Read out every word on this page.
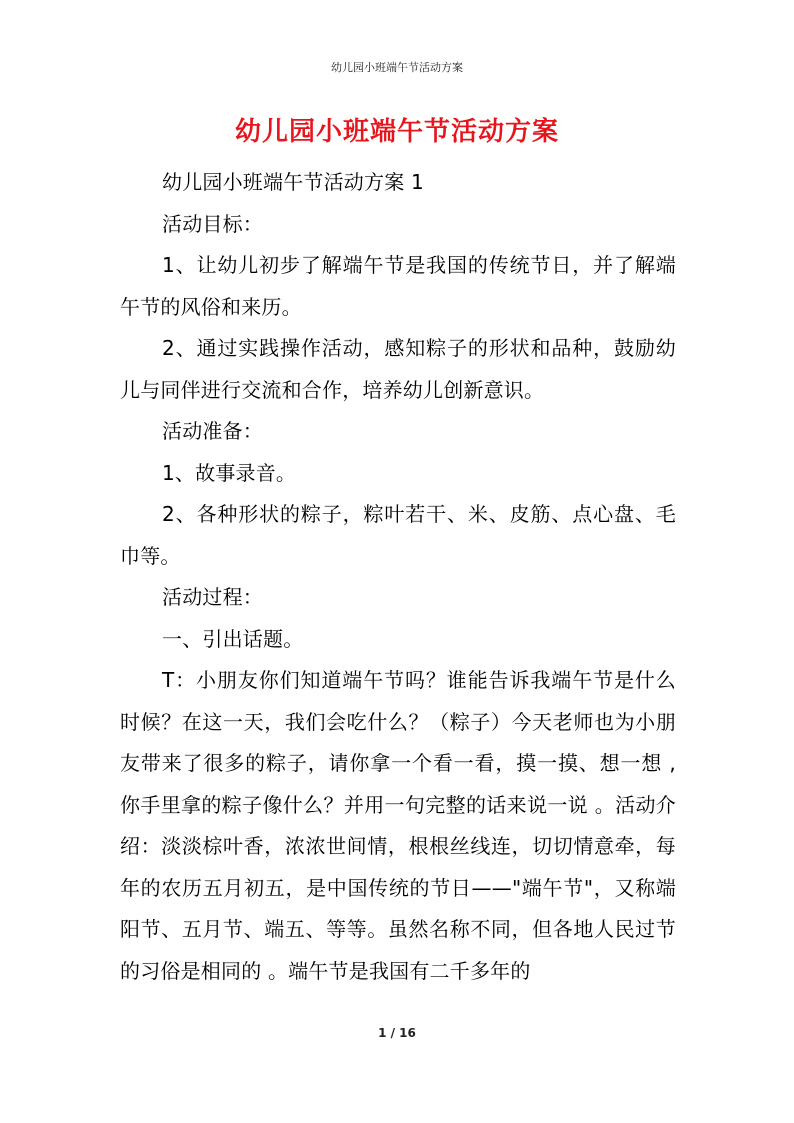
幼儿园小班端午节活动方案
幼儿园小班端午节活动方案

幼儿园小班端午节活动方案 1

活动目标：

1、让幼儿初步了解端午节是我国的传统节日，并了解端午节的风俗和来历。

2、通过实践操作活动，感知粽子的形状和品种，鼓励幼儿与同伴进行交流和合作，培养幼儿创新意识。

活动准备：

1、故事录音。

2、各种形状的粽子，粽叶若干、米、皮筋、点心盘、毛巾等。

活动过程：

一、引出话题。

T：小朋友你们知道端午节吗？谁能告诉我端午节是什么时候？在这一天，我们会吃什么？（粽子）今天老师也为小朋友带来了很多的粽子，请你拿一个看一看，摸一摸、想一想 ,你手里拿的粽子像什么？并用一句完整的话来说一说 。活动介绍：淡淡棕叶香，浓浓世间情，根根丝线连，切切情意牵，每年的农历五月初五，是中国传统的节日——"端午节"，又称端阳节、五月节、端五、等等。虽然名称不同，但各地人民过节的习俗是相同的 。端午节是我国有二千多年的

1 / 16
